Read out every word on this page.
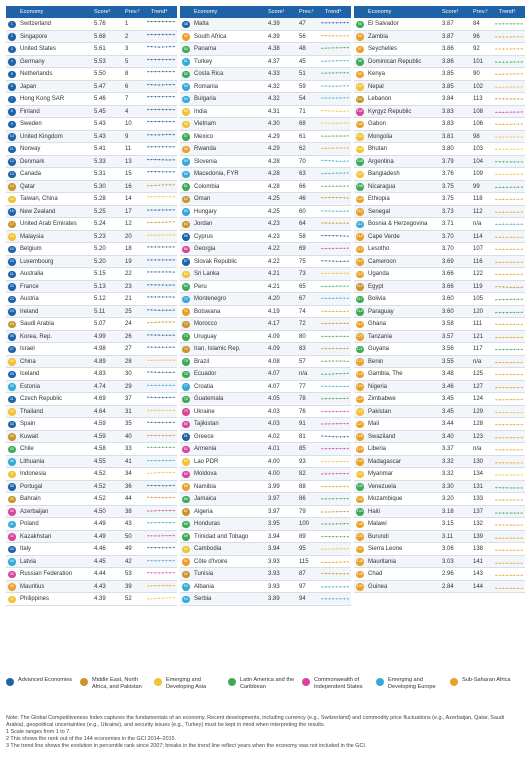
Economy	Score¹	Prev.² Trend³
1	Switzerland	5.76	1
2	Singapore	5.68	2
3	United States	5.61	3
4	Germany	5.53	5
5	Netherlands	5.50	8
6	Japan	5.47	6
7	Hong Kong SAR	5.46	7
8	Finland	5.45	4
9	Sweden	5.43	10
10 United Kingdom	5.43	9
11	Norway	5.41	11
12 Denmark	5.33	13
13 Canada	5.31	15
14 Qatar	5.30	16
15 Taiwan, China	5.28	14
16 New Zealand	5.25	17
17 United Arab Emirates	5.24	12
18 Malaysia	5.23	20
19 Belgium	5.20	18
20 Luxembourg	5.20	19
21 Australia	5.15	22
22 France	5.13	23
23 Austria	5.12	21
24 Ireland	5.11	25
25 Saudi Arabia	5.07	24
26 Korea, Rep.	4.99	26
27 Israel	4.98	27
28 China	4.89	28
29 Iceland	4.83	30
30 Estonia	4.74	29
31 Czech Republic	4.69	37
32 Thailand	4.64	31
33 Spain	4.59	35
34 Kuwait	4.59	40
35 Chile	4.58	33
36 Lithuania	4.55	41
37 Indonesia	4.52	34
38 Portugal	4.52	36
39 Bahrain	4.52	44
40 Azerbaijan	4.50	38
41 Poland	4.49	43
42 Kazakhstan	4.49	50
43 Italy	4.46	49
44 Latvia	4.45	42
45 Russian Federation	4.44	53
46 Mauritius	4.43	39
47 Philippines	4.39	52
Economy	Score¹	Prev.² Trend³
48 Malta	4.39	47
49 South Africa	4.39	56
50 Panama	4.38	48
51 Turkey	4.37	45
52 Costa Rica	4.33	51
53 Romania	4.32	59
54 Bulgaria	4.32	54
55 India	4.31	71
56 Vietnam	4.30	68
57 Mexico	4.29	61
58 Rwanda	4.29	62
59 Slovenia	4.28	70
60 Macedonia, FYR	4.28	63
61 Colombia	4.28	66
62 Oman	4.25	46
63 Hungary	4.25	60
64 Jordan	4.23	64
65 Cyprus	4.23	58
66 Georgia	4.22	69
67 Slovak Republic	4.22	75
68 Sri Lanka	4.21	73
69 Peru	4.21	65
70 Montenegro	4.20	67
71 Botswana	4.19	74
72 Morocco	4.17	72
73 Uruguay	4.09	80
74 Iran, Islamic Rep.	4.09	83
75 Brazil	4.08	57
76 Ecuador	4.07	n/a
77 Croatia	4.07	77
78 Guatemala	4.05	78
79 Ukraine	4.03	76
80 Tajikistan	4.03	91
81 Greece	4.02	81
82 Armenia	4.01	85
83 Lao PDR	4.00	93
84 Moldova	4.00	82
85 Namibia	3.99	88
86 Jamaica	3.97	86
87 Algeria	3.97	79
88 Honduras	3.95	100
89 Trinidad and Tobago	3.94	89
90 Cambodia	3.94	95
91 Côte d'Ivoire	3.93	115
92 Tunisia	3.93	87
93 Albania	3.93	97
94 Serbia	3.89	94
Economy	Score¹	Prev.² Trend³
95 El Salvador	3.87	84
96 Zambia	3.87	96
97 Seychelles	3.86	92
98 Dominican Republic	3.86	101
99 Kenya	3.85	90
100 Nepal	3.85	102
101 Lebanon	3.84	113
102 Kyrgyz Republic	3.83	108
103 Gabon	3.83	106
104 Mongolia	3.81	98
105 Bhutan	3.80	103
106 Argentina	3.79	104
107 Bangladesh	3.76	109
108 Nicaragua	3.75	99
109 Ethiopia	3.75	118
110 Senegal	3.73	112
111 Bosnia & Herzegovina 3.71	n/a
112 Cape Verde	3.70	114
113 Lesotho	3.70	107
114 Cameroon	3.69	116
115 Uganda	3.66	122
116 Egypt	3.66	119
117 Bolivia	3.60	105
118 Paraguay	3.60	120
119 Ghana	3.58	111
120 Tanzania	3.57	121
121 Guyana	3.56	117
122 Benin	3.55	n/a
123 Gambia, The	3.48	125
124 Nigeria	3.46	127
125 Zimbabwe	3.45	124
126 Pakistan	3.45	129
127 Mali	3.44	128
128 Swaziland	3.40	123
129 Liberia	3.37	n/a
130 Madagascar	3.32	130
131 Myanmar	3.32	134
132 Venezuela	3.30	131
133 Mozambique	3.20	133
134 Haiti	3.18	137
135 Malawi	3.15	132
136 Burundi	3.11	139
137 Sierra Leone	3.06	138
138 Mauritania	3.03	141
139 Chad	2.96	143
140 Guinea	2.84	144
Advanced Economies	Middle East, North Africa, and Pakistan
Emerging and Developing Asia
Latin America and the Caribbean
Commonwealth of Independent States
Emerging and Developing Europe
Sub-Saharan Africa
Note: The Global Competitiveness Index captures the fundamentals of an economy. Recent developments, including currency (e.g., Switzerland) and commodity price fluctuations (e.g., Azerbaijan, Qatar, Saudi Arabia), geopolitical uncertainties (e.g., Ukraine), and security issues (e.g., Turkey) must be kept in mind when interpreting the results.
1 Scale ranges from 1 to 7.
2 This shows the rank out of the 144 economies in the GCI 2014–2015.
3 The trend line shows the evolution in percentile rank since 2007; breaks in the trend line reflect years when the economy was not included in the GCI.
